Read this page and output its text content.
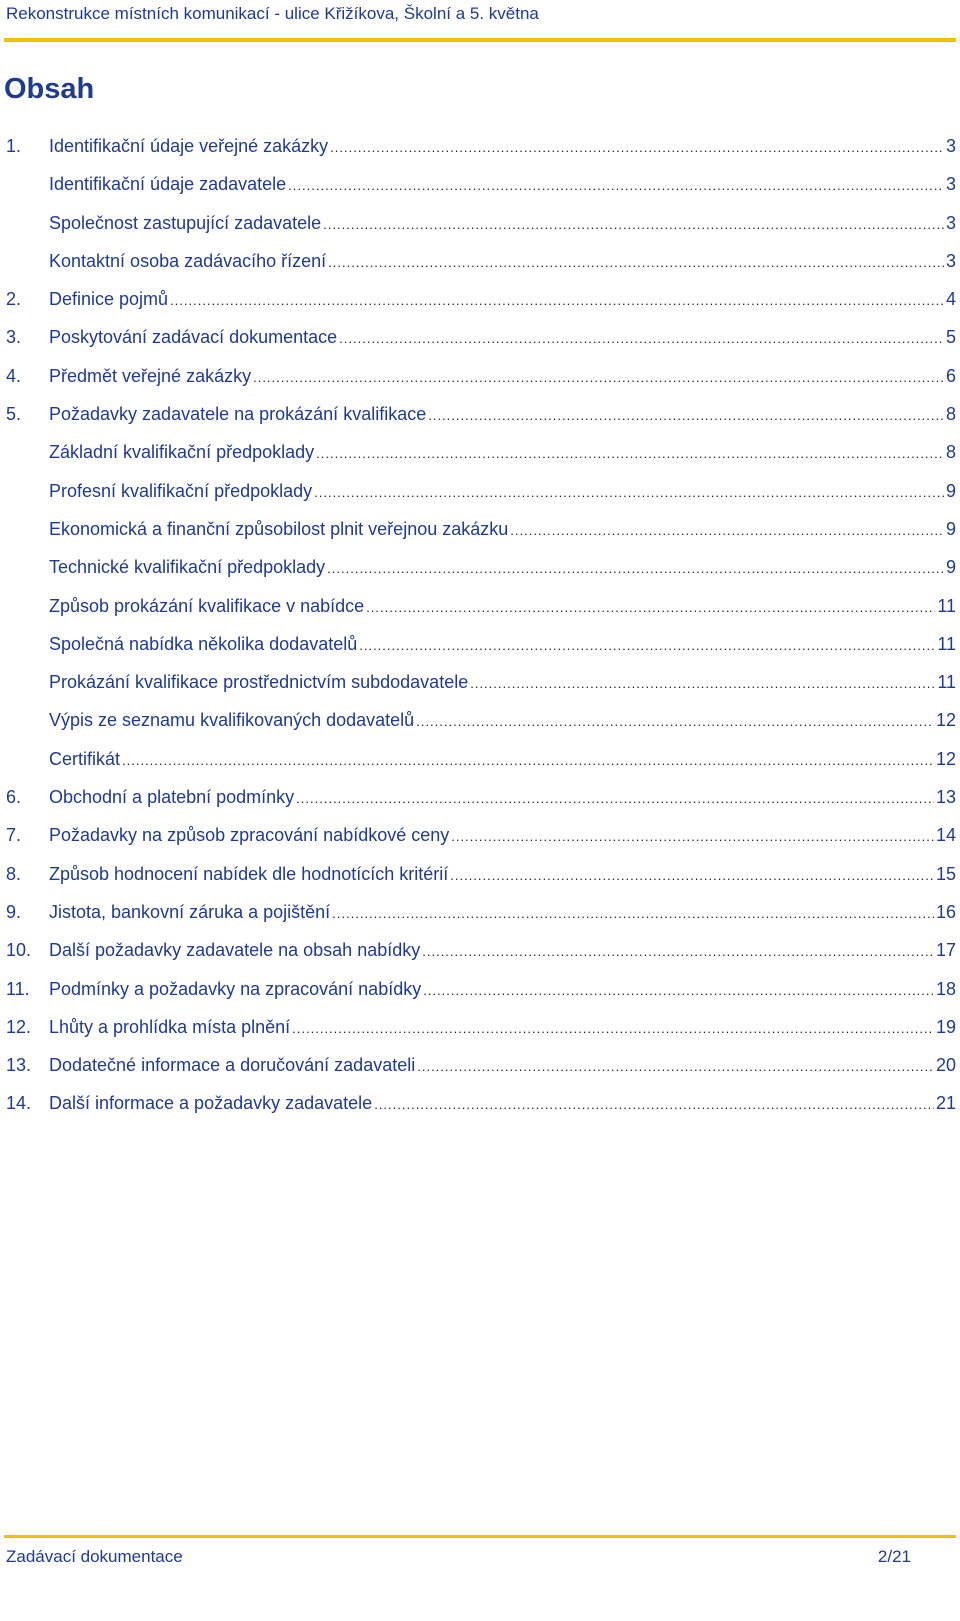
Rekonstrukce místních komunikací - ulice Křižíkova, Školní a 5. května
Obsah
1. Identifikační údaje veřejné zakázky .....	3
Identifikační údaje zadavatele .....	3
Společnost zastupující zadavatele .....	3
Kontaktní osoba zadávacího řízení .....	3
2. Definice pojmů .....	4
3. Poskytování zadávací dokumentace .....	5
4. Předmět veřejné zakázky .....	6
5. Požadavky zadavatele na prokázání kvalifikace .....	8
Základní kvalifikační předpoklady .....	8
Profesní kvalifikační předpoklady .....	9
Ekonomická a finanční způsobilost plnit veřejnou zakázku .....	9
Technické kvalifikační předpoklady .....	9
Způsob prokázání kvalifikace v nabídce .....	11
Společná nabídka několika dodavatelů .....	11
Prokázání kvalifikace prostřednictvím subdodavatele .....	11
Výpis ze seznamu kvalifikovaných dodavatelů .....	12
Certifikát .....	12
6. Obchodní a platební podmínky .....	13
7. Požadavky na způsob zpracování nabídkové ceny .....	14
8. Způsob hodnocení nabídek dle hodnotících kritérií .....	15
9. Jistota, bankovní záruka a pojištění .....	16
10. Další požadavky zadavatele na obsah nabídky .....	17
11. Podmínky a požadavky na zpracování nabídky .....	18
12. Lhůty a prohlídka místa plnění .....	19
13. Dodatečné informace a doručování zadavateli .....	20
14. Další informace a požadavky zadavatele .....	21
Zadávací dokumentace	2/21
